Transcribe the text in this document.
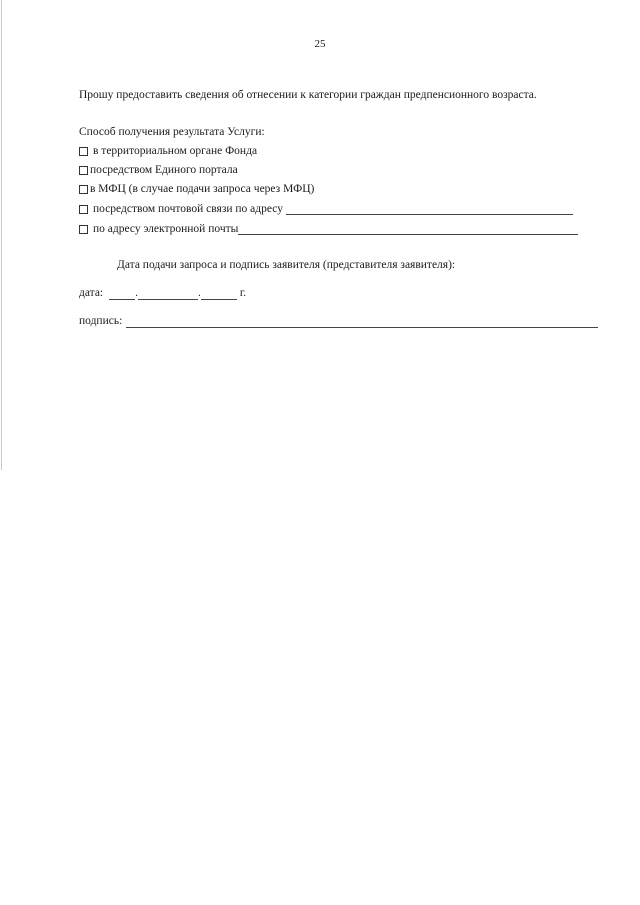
25
Прошу предоставить сведения об отнесении к категории граждан предпенсионного возраста.
Способ получения результата Услуги:
в территориальном органе Фонда
посредством Единого портала
в МФЦ (в случае подачи запроса через МФЦ)
посредством почтовой связи по адресу
по адресу электронной почты
Дата подачи запроса и подпись заявителя (представителя заявителя):
дата:	.	.	г.
подпись:
